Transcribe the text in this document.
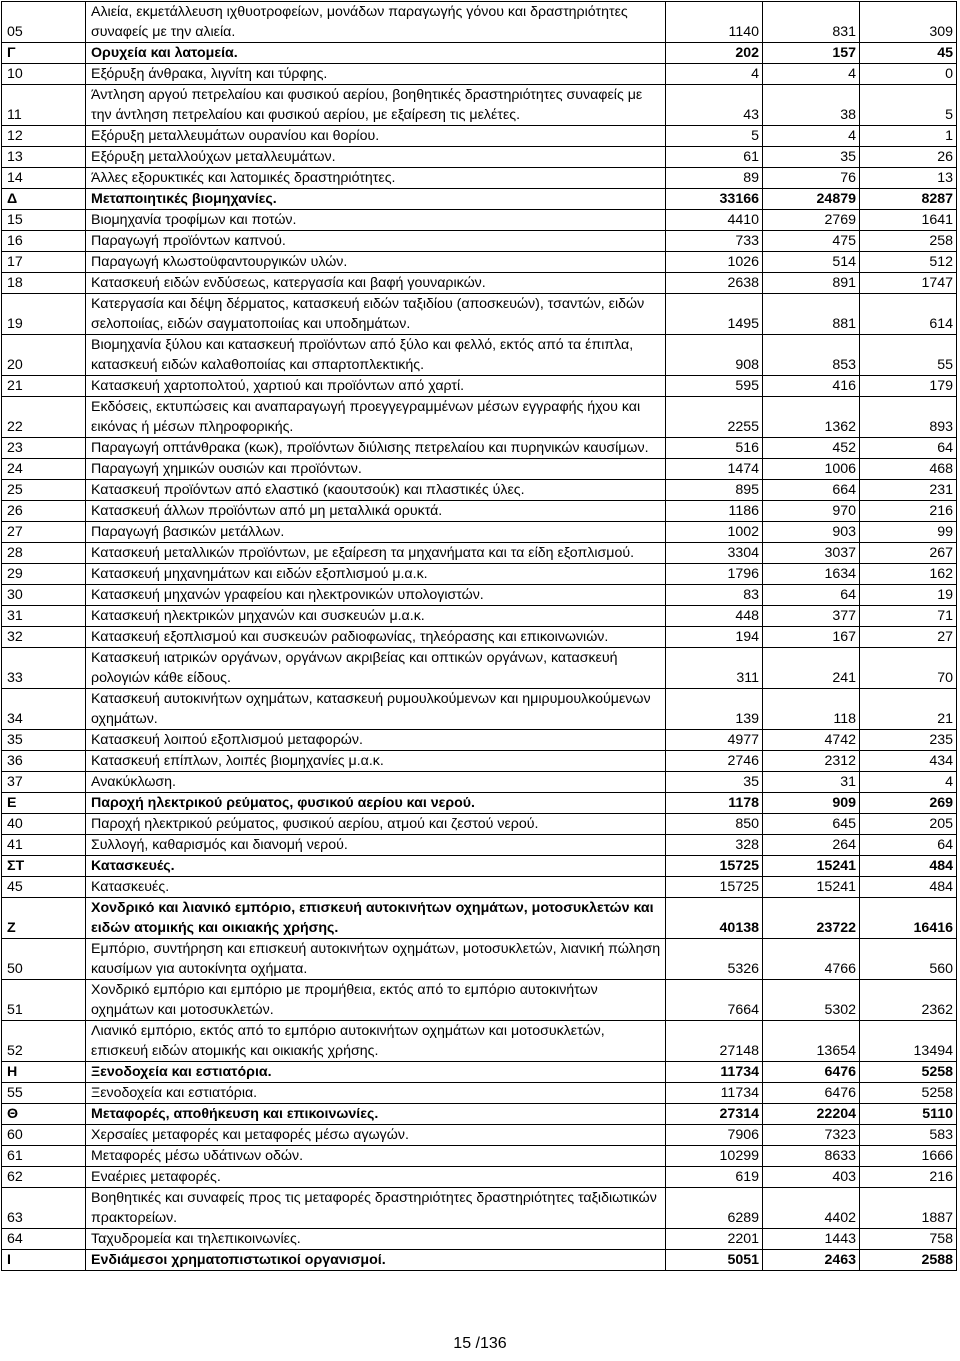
05	Αλιεία, εκμετάλλευση ιχθυοτροφείων, μονάδων παραγωγής γόνου και δραστηριότητες συναφείς με την αλιεία.	1140	831	309
Γ	Ορυχεία και λατομεία.	202	157	45
10	Εξόρυξη άνθρακα, λιγνίτη και τύρφης.	4	4	0
11	Άντληση αργού πετρελαίου και φυσικού αερίου, βοηθητικές δραστηριότητες συναφείς με την άντληση πετρελαίου και φυσικού αερίου, με εξαίρεση τις μελέτες.	43	38	5
12	Εξόρυξη μεταλλευμάτων ουρανίου και θορίου.	5	4	1
13	Εξόρυξη μεταλλούχων μεταλλευμάτων.	61	35	26
14	Άλλες εξορυκτικές και λατομικές δραστηριότητες.	89	76	13
Δ	Μεταποιητικές βιομηχανίες.	33166	24879	8287
15	Βιομηχανία τροφίμων και ποτών.	4410	2769	1641
16	Παραγωγή προϊόντων καπνού.	733	475	258
17	Παραγωγή κλωστοϋφαντουργικών υλών.	1026	514	512
18	Κατασκευή ειδών ενδύσεως, κατεργασία και βαφή γουναρικών.	2638	891	1747
19	Κατεργασία και δέψη δέρματος, κατασκευή ειδών ταξιδίου (αποσκευών), τσαντών, ειδών σελοποιίας, ειδών σαγματοποιίας και υποδημάτων.	1495	881	614
20	Βιομηχανία ξύλου και κατασκευή προϊόντων από ξύλο και φελλό, εκτός από τα έπιπλα, κατασκευή ειδών καλαθοποιίας και σπαρτοπλεκτικής.	908	853	55
21	Κατασκευή χαρτοπολτού, χαρτιού και προϊόντων από χαρτί.	595	416	179
22	Εκδόσεις, εκτυπώσεις και αναπαραγωγή προεγγεγραμμένων μέσων εγγραφής ήχου και εικόνας ή μέσων πληροφορικής.	2255	1362	893
23	Παραγωγή οπτάνθρακα (κωκ), προϊόντων διύλισης πετρελαίου και πυρηνικών καυσίμων.	516	452	64
24	Παραγωγή χημικών ουσιών και προϊόντων.	1474	1006	468
25	Κατασκευή προϊόντων από ελαστικό (καουτσούκ) και πλαστικές ύλες.	895	664	231
26	Κατασκευή άλλων προϊόντων από μη μεταλλικά ορυκτά.	1186	970	216
27	Παραγωγή βασικών μετάλλων.	1002	903	99
28	Κατασκευή μεταλλικών προϊόντων, με εξαίρεση τα μηχανήματα και τα είδη εξοπλισμού.	3304	3037	267
29	Κατασκευή μηχανημάτων και ειδών εξοπλισμού μ.α.κ.	1796	1634	162
30	Κατασκευή μηχανών γραφείου και ηλεκτρονικών υπολογιστών.	83	64	19
31	Κατασκευή ηλεκτρικών μηχανών και συσκευών μ.α.κ.	448	377	71
32	Κατασκευή εξοπλισμού και συσκευών ραδιοφωνίας, τηλεόρασης και επικοινωνιών.	194	167	27
33	Κατασκευή ιατρικών οργάνων, οργάνων ακριβείας και οπτικών οργάνων, κατασκευή ρολογιών κάθε είδους.	311	241	70
34	Κατασκευή αυτοκινήτων οχημάτων, κατασκευή ρυμουλκούμενων και ημιρυμουλκούμενων οχημάτων.	139	118	21
35	Κατασκευή λοιπού εξοπλισμού μεταφορών.	4977	4742	235
36	Κατασκευή επίπλων, λοιπές βιομηχανίες μ.α.κ.	2746	2312	434
37	Ανακύκλωση.	35	31	4
Ε	Παροχή ηλεκτρικού ρεύματος, φυσικού αερίου και νερού.	1178	909	269
40	Παροχή ηλεκτρικού ρεύματος, φυσικού αερίου, ατμού και ζεστού νερού.	850	645	205
41	Συλλογή, καθαρισμός και διανομή νερού.	328	264	64
ΣΤ	Κατασκευές.	15725	15241	484
45	Κατασκευές.	15725	15241	484
Ζ	Χονδρικό και λιανικό εμπόριο, επισκευή αυτοκινήτων οχημάτων, μοτοσυκλετών και ειδών ατομικής και οικιακής χρήσης.	40138	23722	16416
50	Εμπόριο, συντήρηση και επισκευή αυτοκινήτων οχημάτων, μοτοσυκλετών, λιανική πώληση καυσίμων για αυτοκίνητα οχήματα.	5326	4766	560
51	Χονδρικό εμπόριο και εμπόριο με προμήθεια, εκτός από το εμπόριο αυτοκινήτων οχημάτων και μοτοσυκλετών.	7664	5302	2362
52	Λιανικό εμπόριο, εκτός από το εμπόριο αυτοκινήτων οχημάτων και μοτοσυκλετών, επισκευή ειδών ατομικής και οικιακής χρήσης.	27148	13654	13494
Η	Ξενοδοχεία και εστιατόρια.	11734	6476	5258
55	Ξενοδοχεία και εστιατόρια.	11734	6476	5258
Θ	Μεταφορές, αποθήκευση και επικοινωνίες.	27314	22204	5110
60	Χερσαίες μεταφορές και μεταφορές μέσω αγωγών.	7906	7323	583
61	Μεταφορές μέσω υδάτινων οδών.	10299	8633	1666
62	Εναέριες μεταφορές.	619	403	216
63	Βοηθητικές και συναφείς προς τις μεταφορές δραστηριότητες δραστηριότητες ταξιδιωτικών πρακτορείων.	6289	4402	1887
64	Ταχυδρομεία και τηλεπικοινωνίες.	2201	1443	758
Ι	Ενδιάμεσοι χρηματοπιστωτικοί οργανισμοί.	5051	2463	2588
15 /136
